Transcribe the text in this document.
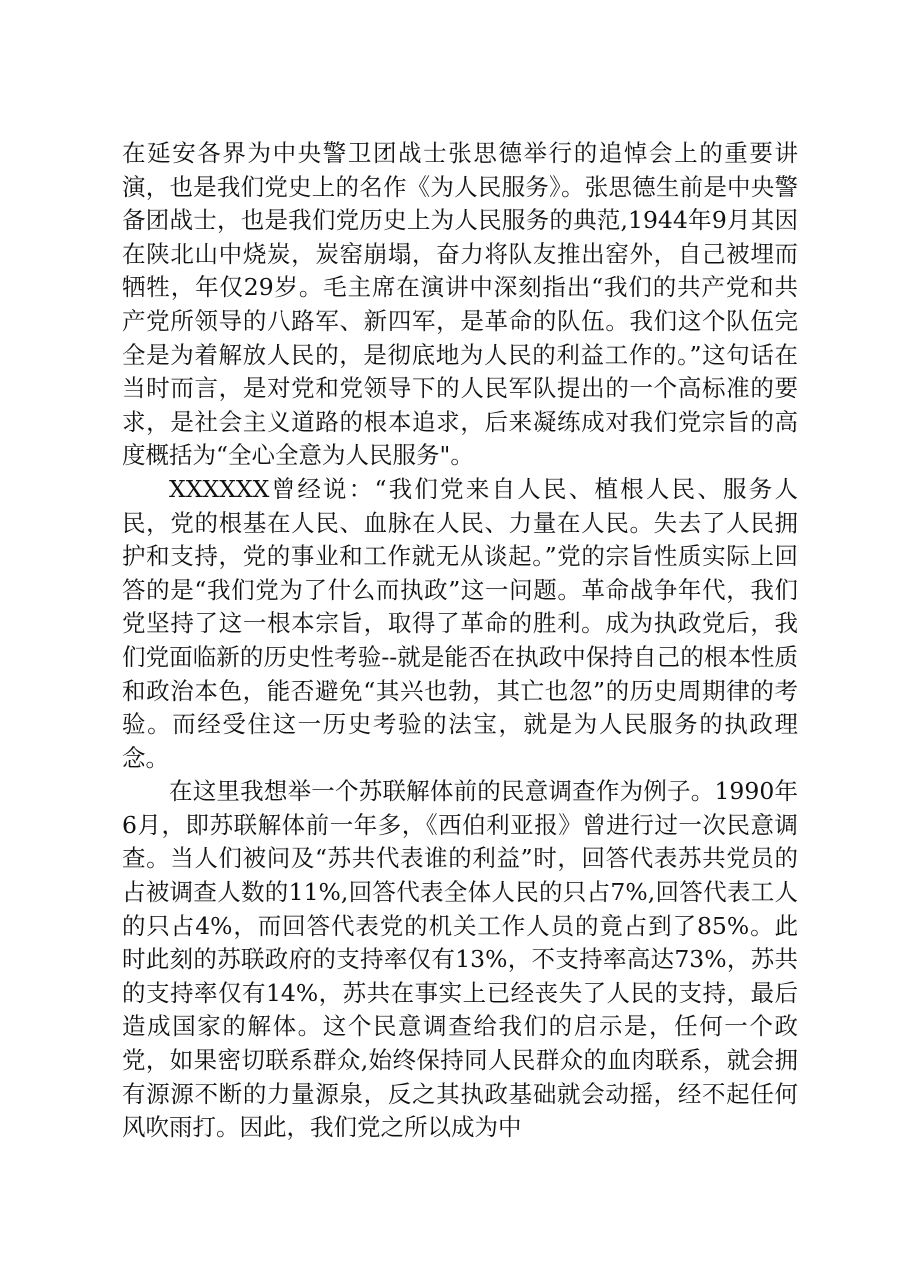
在延安各界为中央警卫团战士张思德举行的追悼会上的重要讲演，也是我们党史上的名作《为人民服务》。张思德生前是中央警备团战士，也是我们党历史上为人民服务的典范,1944年9月其因在陕北山中烧炭，炭窑崩塌，奋力将队友推出窑外，自己被埋而牺牲，年仅29岁。毛主席在演讲中深刻指出“我们的共产党和共产党所领导的八路军、新四军，是革命的队伍。我们这个队伍完全是为着解放人民的，是彻底地为人民的利益工作的。”这句话在当时而言，是对党和党领导下的人民军队提出的一个高标准的要求，是社会主义道路的根本追求，后来凝练成对我们党宗旨的高度概括为“全心全意为人民服务"。

XXXXXX曾经说：“我们党来自人民、植根人民、服务人民，党的根基在人民、血脉在人民、力量在人民。失去了人民拥护和支持，党的事业和工作就无从谈起。”党的宗旨性质实际上回答的是“我们党为了什么而执政”这一问题。革命战争年代，我们党坚持了这一根本宗旨，取得了革命的胜利。成为执政党后，我们党面临新的历史性考验--就是能否在执政中保持自己的根本性质和政治本色，能否避免“其兴也勃，其亡也忽”的历史周期律的考验。而经受住这一历史考验的法宝，就是为人民服务的执政理念。

在这里我想举一个苏联解体前的民意调查作为例子。1990年6月，即苏联解体前一年多，《西伯利亚报》曾进行过一次民意调查。当人们被问及“苏共代表谁的利益”时，回答代表苏共党员的占被调查人数的11%,回答代表全体人民的只占7%,回答代表工人的只占4%，而回答代表党的机关工作人员的竟占到了85%。此时此刻的苏联政府的支持率仅有13%，不支持率高达73%，苏共的支持率仅有14%，苏共在事实上已经丧失了人民的支持，最后造成国家的解体。这个民意调查给我们的启示是，任何一个政党，如果密切联系群众,始终保持同人民群众的血肉联系，就会拥有源源不断的力量源泉，反之其执政基础就会动摇，经不起任何风吹雨打。因此，我们党之所以成为中
